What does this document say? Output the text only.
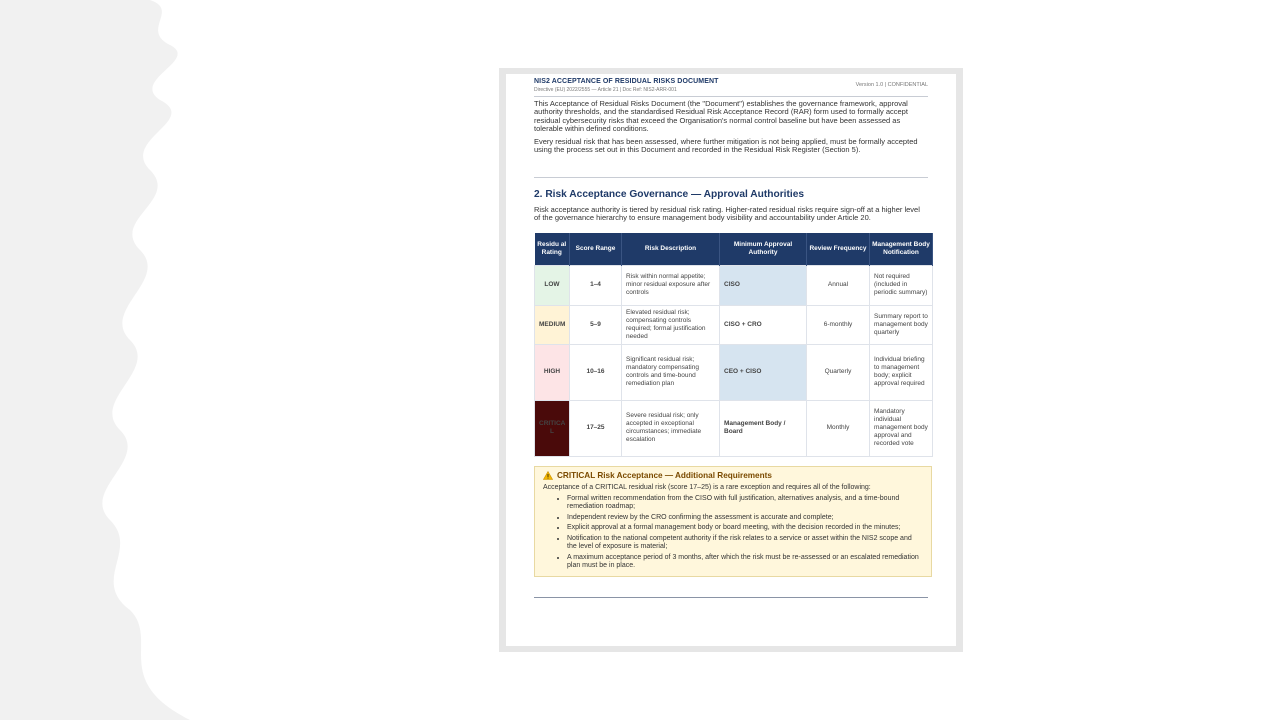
NIS2 ACCEPTANCE OF RESIDUAL RISKS DOCUMENT
Directive (EU) 2022/2555 — Article 21 | Doc Ref: NIS2-ARR-001
Version 1.0 | CONFIDENTIAL

This Acceptance of Residual Risks Document (the "Document") establishes the governance framework, approval authority thresholds, and the standardised Residual Risk Acceptance Record (RAR) form used to formally accept residual cybersecurity risks that exceed the Organisation's normal control baseline but have been assessed as tolerable within defined conditions.

Every residual risk that has been assessed, where further mitigation is not being applied, must be formally accepted using the process set out in this Document and recorded in the Residual Risk Register (Section 5).

2. Risk Acceptance Governance — Approval Authorities

Risk acceptance authority is tiered by residual risk rating. Higher-rated residual risks require sign-off at a higher level of the governance hierarchy to ensure management body visibility and accountability under Article 20.

Residu al Rating	Score Range	Risk Description	Minimum Approval Authority	Review Frequency	Management Body Notification
LOW	1–4	Risk within normal appetite; minor residual exposure after controls	CISO	Annual	Not required (included in periodic summary)
MEDIUM	5–9	Elevated residual risk; compensating controls required; formal justification needed	CISO + CRO	6-monthly	Summary report to management body quarterly
HIGH	10–16	Significant residual risk; mandatory compensating controls and time-bound remediation plan	CEO + CISO	Quarterly	Individual briefing to management body; explicit approval required
CRITICA L	17–25	Severe residual risk; only accepted in exceptional circumstances; immediate escalation	Management Body / Board	Monthly	Mandatory individual management body approval and recorded vote
CRITICAL Risk Acceptance — Additional Requirements
Acceptance of a CRITICAL residual risk (score 17–25) is a rare exception and requires all of the following:
• Formal written recommendation from the CISO with full justification, alternatives analysis, and a time-bound remediation roadmap;
• Independent review by the CRO confirming the assessment is accurate and complete;
• Explicit approval at a formal management body or board meeting, with the decision recorded in the minutes;
• Notification to the national competent authority if the risk relates to a service or asset within the NIS2 scope and the level of exposure is material;
• A maximum acceptance period of 3 months, after which the risk must be re-assessed or an escalated remediation plan must be in place.
